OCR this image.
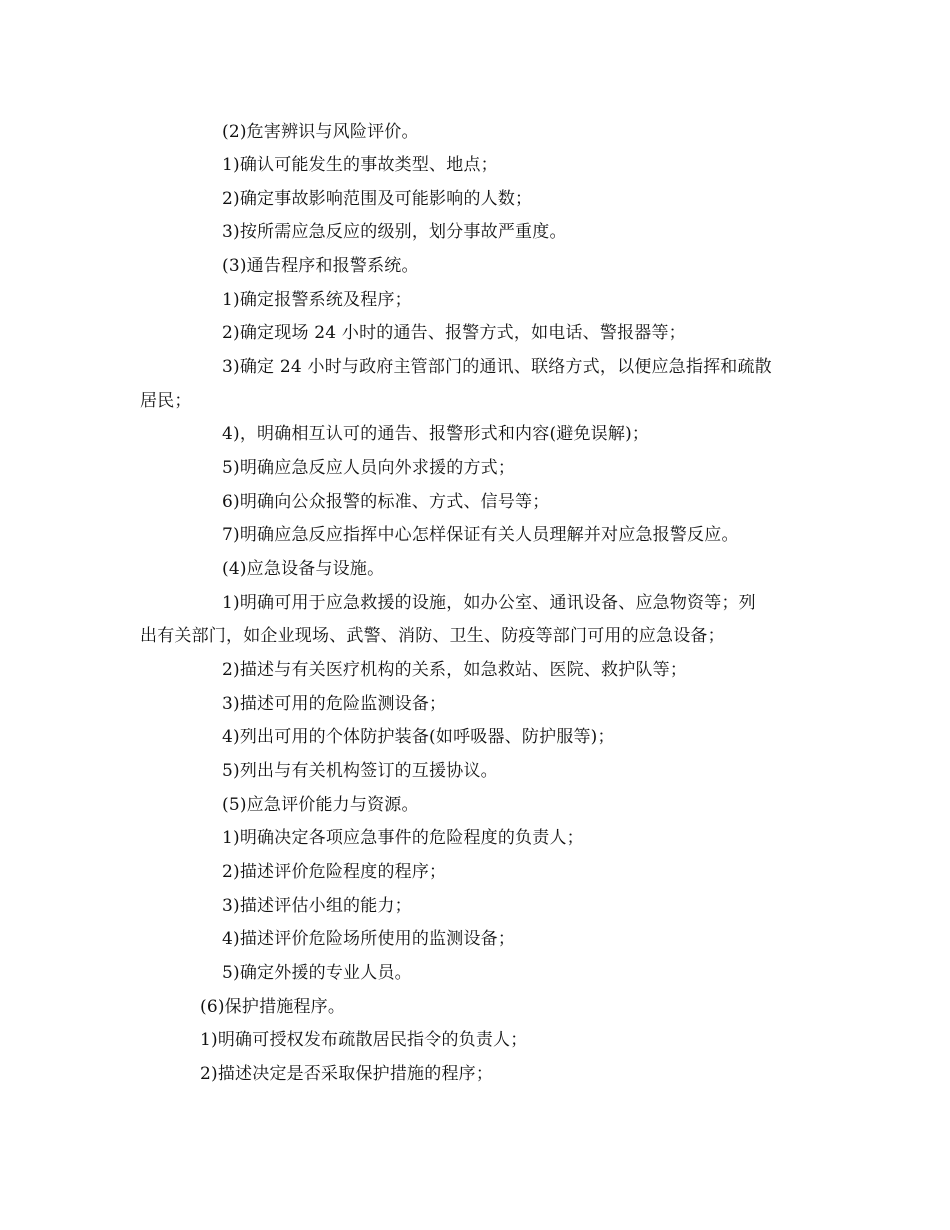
(2)危害辨识与风险评价。
1)确认可能发生的事故类型、地点；
2)确定事故影响范围及可能影响的人数；
3)按所需应急反应的级别，划分事故严重度。
(3)通告程序和报警系统。
1)确定报警系统及程序；
2)确定现场 24 小时的通告、报警方式，如电话、警报器等；
3)确定 24 小时与政府主管部门的通讯、联络方式，以便应急指挥和疏散
居民；
4)，明确相互认可的通告、报警形式和内容(避免误解)；
5)明确应急反应人员向外求援的方式；
6)明确向公众报警的标准、方式、信号等；
7)明确应急反应指挥中心怎样保证有关人员理解并对应急报警反应。
(4)应急设备与设施。
1)明确可用于应急救援的设施，如办公室、通讯设备、应急物资等；列
出有关部门，如企业现场、武警、消防、卫生、防疫等部门可用的应急设备；
2)描述与有关医疗机构的关系，如急救站、医院、救护队等；
3)描述可用的危险监测设备；
4)列出可用的个体防护装备(如呼吸器、防护服等)；
5)列出与有关机构签订的互援协议。
(5)应急评价能力与资源。
1)明确决定各项应急事件的危险程度的负责人；
2)描述评价危险程度的程序；
3)描述评估小组的能力；
4)描述评价危险场所使用的监测设备；
5)确定外援的专业人员。
(6)保护措施程序。
1)明确可授权发布疏散居民指令的负责人；
2)描述决定是否采取保护措施的程序；
